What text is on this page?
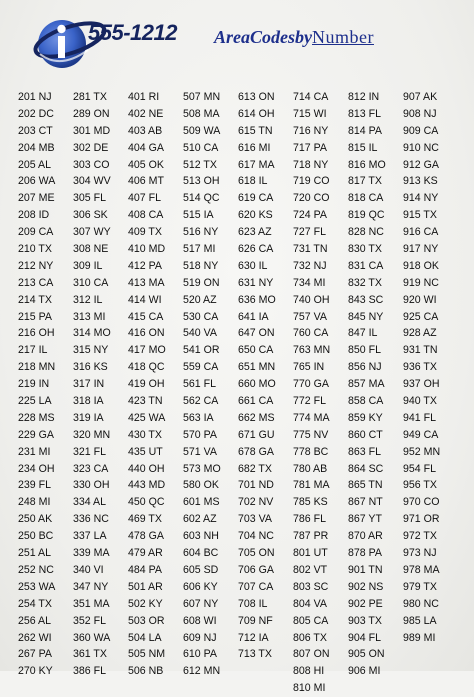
555-1212 AreaCodesbyNumber
201 NJ
202 DC
203 CT
204 MB
205 AL
206 WA
207 ME
208 ID
209 CA
210 TX
212 NY
213 CA
214 TX
215 PA
216 OH
217 IL
218 MN
219 IN
225 LA
228 MS
229 GA
231 MI
234 OH
239 FL
248 MI
250 AK
250 BC
251 AL
252 NC
253 WA
254 TX
256 AL
262 WI
267 PA
270 KY
281 TX
289 ON
301 MD
302 DE
303 CO
304 WV
305 FL
306 SK
307 WY
308 NE
309 IL
310 CA
312 IL
313 MI
314 MO
315 NY
316 KS
317 IN
318 IA
319 IA
320 MN
321 FL
323 CA
330 OH
334 AL
336 NC
337 LA
339 MA
340 VI
347 NY
351 MA
352 FL
360 WA
361 TX
386 FL
401 RI
402 NE
403 AB
404 GA
405 OK
406 MT
407 FL
408 CA
409 TX
410 MD
412 PA
413 MA
414 WI
415 CA
416 ON
417 MO
418 QC
419 OH
423 TN
425 WA
430 TX
435 UT
440 OH
443 MD
450 QC
469 TX
478 GA
479 AR
484 PA
501 AR
502 KY
503 OR
504 LA
505 NM
506 NB
507 MN
508 MA
509 WA
510 CA
512 TX
513 OH
514 QC
515 IA
516 NY
517 MI
518 NY
519 ON
520 AZ
530 CA
540 VA
541 OR
559 CA
561 FL
562 CA
563 IA
570 PA
571 VA
573 MO
580 OK
601 MS
602 AZ
603 NH
604 BC
605 SD
606 KY
607 NY
608 WI
609 NJ
610 PA
612 MN
613 ON
614 OH
615 TN
616 MI
617 MA
618 IL
619 CA
620 KS
623 AZ
626 CA
630 IL
631 NY
636 MO
641 IA
647 ON
650 CA
651 MN
660 MO
661 CA
662 MS
671 GU
678 GA
682 TX
701 ND
702 NV
703 VA
704 NC
705 ON
706 GA
707 CA
708 IL
709 NF
712 IA
713 TX
714 CA
715 WI
716 NY
717 PA
718 NY
719 CO
720 CO
724 PA
727 FL
731 TN
732 NJ
734 MI
740 OH
757 VA
760 CA
763 MN
765 IN
770 GA
772 FL
774 MA
775 NV
778 BC
780 AB
781 MA
785 KS
786 FL
787 PR
801 UT
802 VT
803 SC
804 VA
805 CA
806 TX
807 ON
808 HI
810 MI
812 IN
813 FL
814 PA
815 IL
816 MO
817 TX
818 CA
819 QC
828 NC
830 TX
831 CA
832 TX
843 SC
845 NY
847 IL
850 FL
856 NJ
857 MA
858 CA
859 KY
860 CT
863 FL
864 SC
865 TN
867 NT
867 YT
870 AR
878 PA
901 TN
902 NS
902 PE
903 TX
904 FL
905 ON
906 MI
907 AK
908 NJ
909 CA
910 NC
912 GA
913 KS
914 NY
915 TX
916 CA
917 NY
918 OK
919 NC
920 WI
925 CA
928 AZ
931 TN
936 TX
937 OH
940 TX
941 FL
949 CA
952 MN
954 FL
956 TX
970 CO
971 OR
972 TX
973 NJ
978 MA
979 TX
980 NC
985 LA
989 MI
